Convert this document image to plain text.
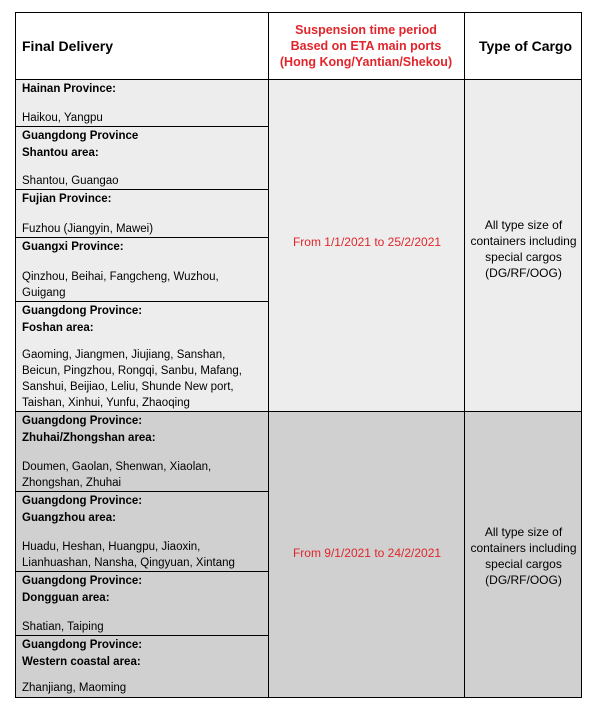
Final Delivery
Suspension time period
Based on ETA main ports
(Hong Kong/Yantian/Shekou)
Type of Cargo
Hainan Province:
Haikou, Yangpu
Guangdong Province
Shantou area:
Shantou, Guangao
Fujian Province:
Fuzhou (Jiangyin, Mawei)
Guangxi Province:
Qinzhou, Beihai, Fangcheng, Wuzhou,
Guigang
Guangdong Province:
Foshan area:
Gaoming, Jiangmen, Jiujiang, Sanshan,
Beicun, Pingzhou, Rongqi, Sanbu, Mafang,
Sanshui, Beijiao, Leliu, Shunde New port,
Taishan, Xinhui, Yunfu, Zhaoqing
From 1/1/2021 to 25/2/2021
All type size of
containers including
special cargos
(DG/RF/OOG)
Guangdong Province:
Zhuhai/Zhongshan area:
Doumen, Gaolan, Shenwan, Xiaolan,
Zhongshan, Zhuhai
Guangdong Province:
Guangzhou area:
Huadu, Heshan, Huangpu, Jiaoxin,
Lianhuashan, Nansha, Qingyuan, Xintang
Guangdong Province:
Dongguan area:
Shatian, Taiping
Guangdong Province:
Western coastal area:
Zhanjiang, Maoming
From 9/1/2021 to 24/2/2021
All type size of
containers including
special cargos
(DG/RF/OOG)
